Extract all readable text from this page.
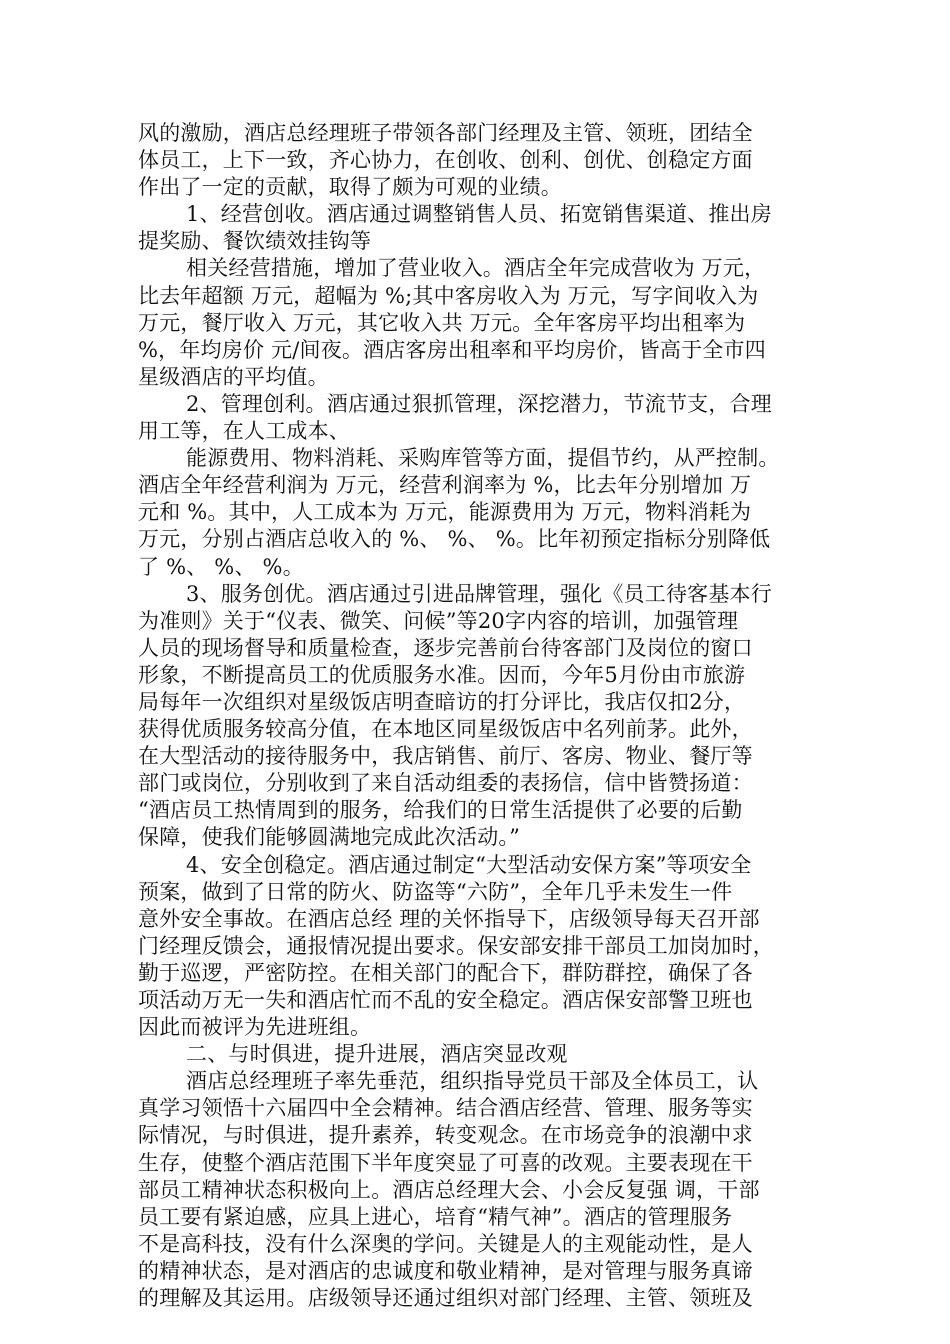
风的激励，酒店总经理班子带领各部门经理及主管、领班，团结全
体员工，上下一致，齐心协力，在创收、创利、创优、创稳定方面
作出了一定的贡献，取得了颇为可观的业绩。
1、经营创收。酒店通过调整销售人员、拓宽销售渠道、推出房
提奖励、餐饮绩效挂钩等
相关经营措施，增加了营业收入。酒店全年完成营收为 万元，
比去年超额 万元，超幅为 %;其中客房收入为 万元，写字间收入为
万元，餐厅收入 万元，其它收入共 万元。全年客房平均出租率为
%，年均房价 元/间夜。酒店客房出租率和平均房价，皆高于全市四
星级酒店的平均值。
2、管理创利。酒店通过狠抓管理，深挖潜力，节流节支，合理
用工等，在人工成本、
能源费用、物料消耗、采购库管等方面，提倡节约，从严控制。
酒店全年经营利润为 万元，经营利润率为 %，比去年分别增加 万
元和 %。其中，人工成本为 万元，能源费用为 万元，物料消耗为
万元，分别占酒店总收入的 %、 %、 %。比年初预定指标分别降低
了 %、 %、 %。
3、服务创优。酒店通过引进品牌管理，强化《员工待客基本行
为准则》关于“仪表、微笑、问候”等20字内容的培训，加强管理
人员的现场督导和质量检查，逐步完善前台待客部门及岗位的窗口
形象，不断提高员工的优质服务水准。因而，今年5月份由市旅游
局每年一次组织对星级饭店明查暗访的打分评比，我店仅扣2分，
获得优质服务较高分值，在本地区同星级饭店中名列前茅。此外，
在大型活动的接待服务中，我店销售、前厅、客房、物业、餐厅等
部门或岗位，分别收到了来自活动组委的表扬信，信中皆赞扬道：
“酒店员工热情周到的服务，给我们的日常生活提供了必要的后勤
保障，使我们能够圆满地完成此次活动。”
4、安全创稳定。酒店通过制定“大型活动安保方案”等项安全
预案，做到了日常的防火、防盗等“六防”，全年几乎未发生一件
意外安全事故。在酒店总经 理的关怀指导下，店级领导每天召开部
门经理反馈会，通报情况提出要求。保安部安排干部员工加岗加时，
勤于巡逻，严密防控。在相关部门的配合下，群防群控，确保了各
项活动万无一失和酒店忙而不乱的安全稳定。酒店保安部警卫班也
因此而被评为先进班组。
二、与时俱进，提升进展，酒店突显改观
酒店总经理班子率先垂范，组织指导党员干部及全体员工，认
真学习领悟十六届四中全会精神。结合酒店经营、管理、服务等实
际情况，与时俱进，提升素养，转变观念。在市场竞争的浪潮中求
生存，使整个酒店范围下半年度突显了可喜的改观。主要表现在干
部员工精神状态积极向上。酒店总经理大会、小会反复强 调，干部
员工要有紧迫感，应具上进心，培育“精气神”。酒店的管理服务
不是高科技，没有什么深奥的学问。关键是人的主观能动性，是人
的精神状态，是对酒店的忠诚度和敬业精神，是对管理与服务真谛
的理解及其运用。店级领导还通过组织对部门经理、主管、领班及
